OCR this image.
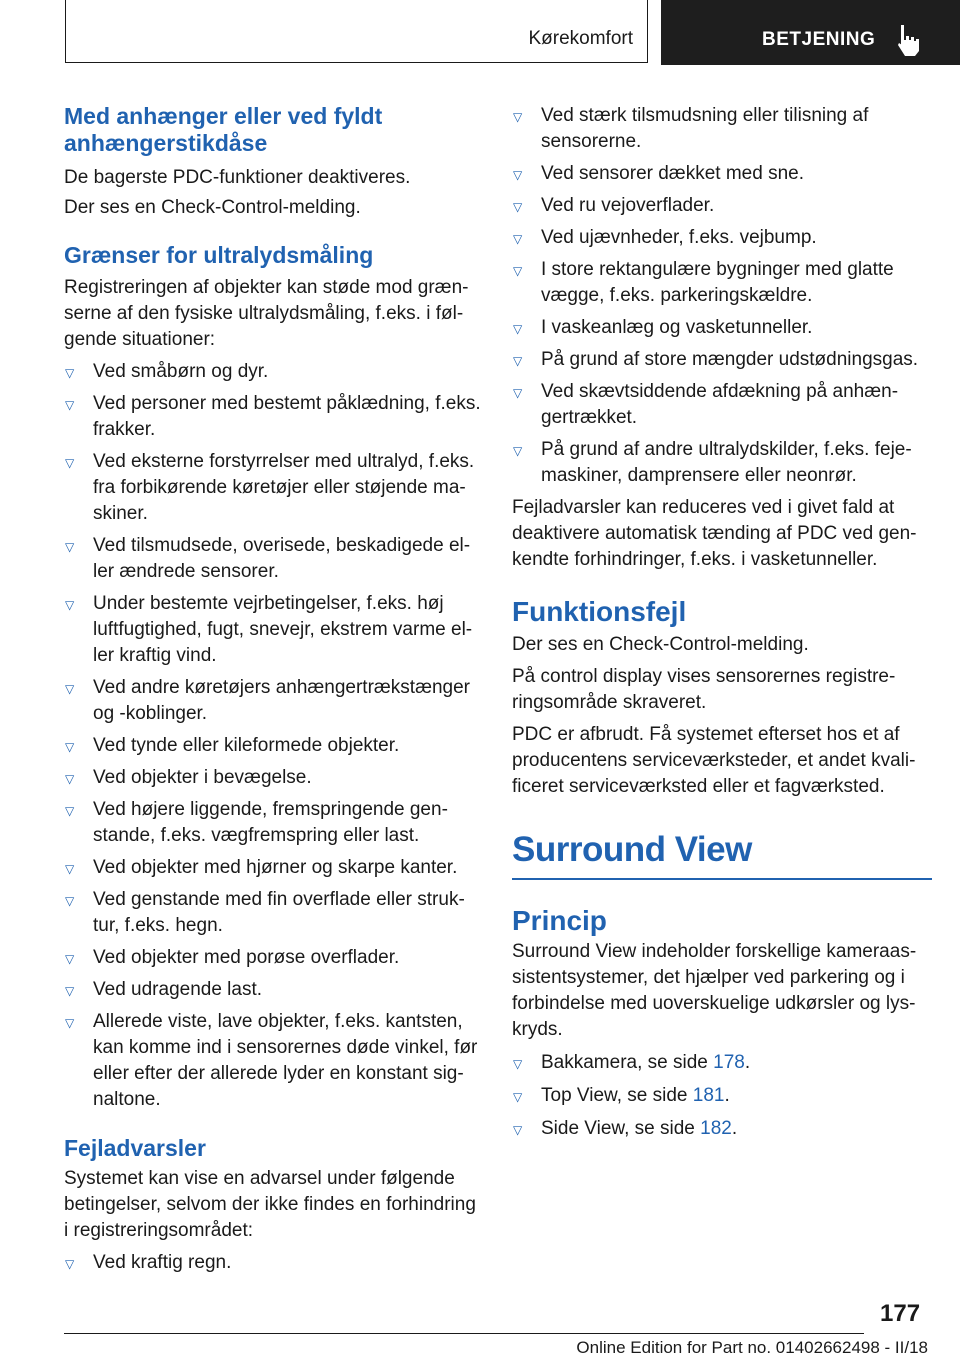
Kørekomfort	BETJENING
Med anhænger eller ved fyldt anhængerstikdåse

De bagerste PDC-funktioner deaktiveres.

Der ses en Check-Control-melding.

Grænser for ultralydsmåling

Registreringen af objekter kan støde mod græn-serne af den fysiske ultralydsmåling, f.eks. i føl-gende situationer:

▽ Ved småbørn og dyr.
▽ Ved personer med bestemt påklædning, f.eks. frakker.
▽ Ved eksterne forstyrrelser med ultralyd, f.eks. fra forbikørende køretøjer eller støjende ma-skiner.
▽ Ved tilsmudsede, overisede, beskadigede el-ler ændrede sensorer.
▽ Under bestemte vejrbetingelser, f.eks. høj luftfugtighed, fugt, snevejr, ekstrem varme el-ler kraftig vind.
▽ Ved andre køretøjers anhængertrækstænger og -koblinger.
▽ Ved tynde eller kileformede objekter.
▽ Ved objekter i bevægelse.
▽ Ved højere liggende, fremspringende gen-stande, f.eks. vægfremspring eller last.
▽ Ved objekter med hjørner og skarpe kanter.
▽ Ved genstande med fin overflade eller struk-tur, f.eks. hegn.
▽ Ved objekter med porøse overflader.
▽ Ved udragende last.
▽ Allerede viste, lave objekter, f.eks. kantsten, kan komme ind i sensorernes døde vinkel, før eller efter der allerede lyder en konstant sig-naltone.
Fejladvarsler

Systemet kan vise en advarsel under følgende betingelser, selvom der ikke findes en forhindring i registreringsområdet:

▽ Ved kraftig regn.
▽ Ved stærk tilsmudsning eller tilisning af sensorerne.
▽ Ved sensorer dækket med sne.
▽ Ved ru vejoverflader.
▽ Ved ujævnheder, f.eks. vejbump.
▽ I store rektangulære bygninger med glatte vægge, f.eks. parkeringskældre.
▽ I vaskeanlæg og vasketunneller.
▽ På grund af store mængder udstødningsgas.
▽ Ved skævtsiddende afdækning på anhæn-gertrækket.
▽ På grund af andre ultralydskilder, f.eks. feje-maskiner, damprensere eller neonrør.

Fejladvarsler kan reduceres ved i givet fald at deaktivere automatisk tænding af PDC ved gen-kendte forhindringer, f.eks. i vasketunneller.

Funktionsfejl

Der ses en Check-Control-melding.

På control display vises sensorernes registre-ringsområde skraveret.

PDC er afbrudt. Få systemet efterset hos et af producentens serviceværksteder, et andet kvali-ficeret serviceværksted eller et fagværksted.

Surround View
Princip

Surround View indeholder forskellige kameraas-sistentsystemer, det hjælper ved parkering og i forbindelse med uoverskuelige udkørsler og lys-kryds.

▽ Bakkamera, se side 178.
▽ Top View, se side 181.
▽ Side View, se side 182.
177
Online Edition for Part no. 01402662498 - II/18
